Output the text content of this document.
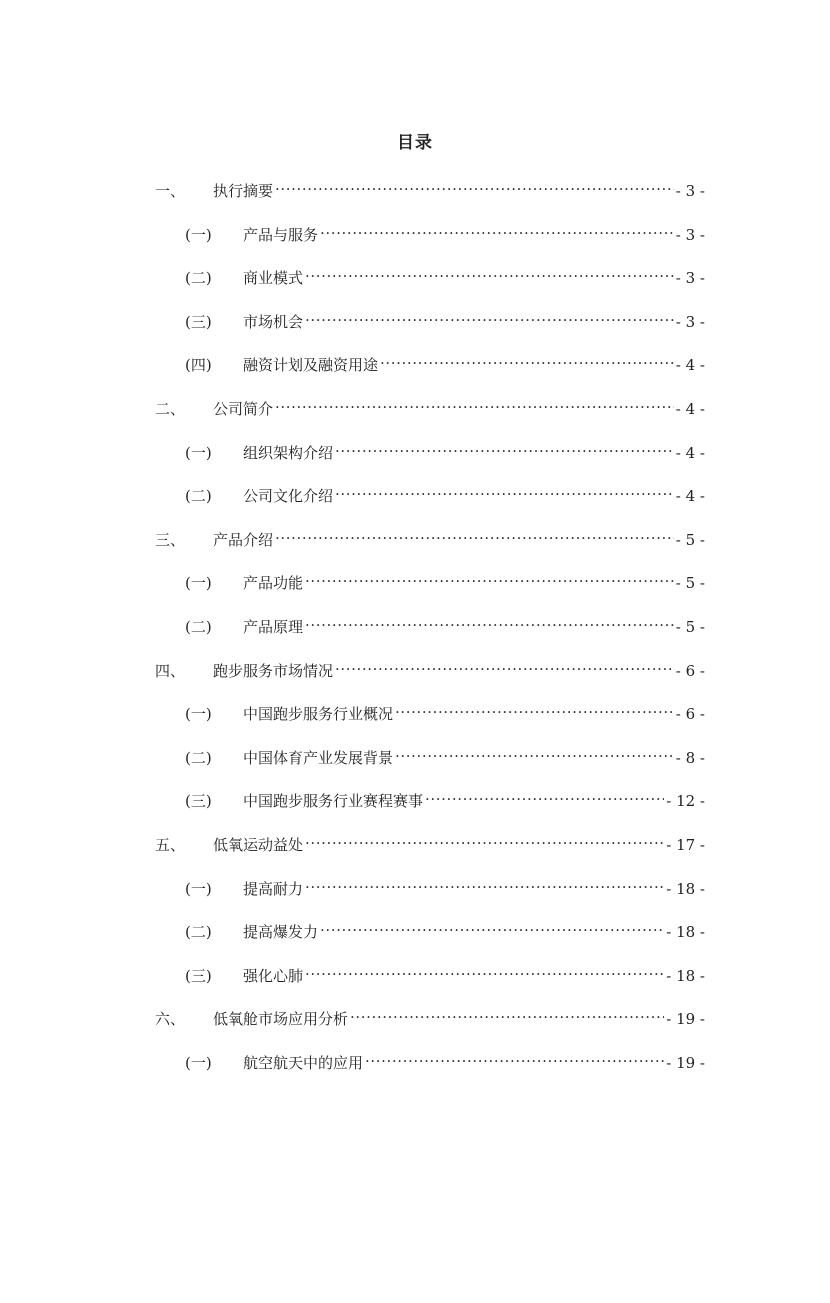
目录
一、	执行摘要 .....	- 3 -
(一)	产品与服务 .....	- 3 -
(二)	商业模式 .....	- 3 -
(三)	市场机会 .....	- 3 -
(四)	融资计划及融资用途 .....	- 4 -
二、	公司简介 .....	- 4 -
(一)	组织架构介绍 .....	- 4 -
(二)	公司文化介绍 .....	- 4 -
三、	产品介绍 .....	- 5 -
(一)	产品功能 .....	- 5 -
(二)	产品原理 .....	- 5 -
四、	跑步服务市场情况 .....	- 6 -
(一)	中国跑步服务行业概况 .....	- 6 -
(二)	中国体育产业发展背景 .....	- 8 -
(三)	中国跑步服务行业赛程赛事 .....	- 12 -
五、	低氧运动益处 .....	- 17 -
(一)	提高耐力 .....	- 18 -
(二)	提高爆发力 .....	- 18 -
(三)	强化心肺 .....	- 18 -
六、	低氧舱市场应用分析 .....	- 19 -
(一)	航空航天中的应用 .....	- 19 -
